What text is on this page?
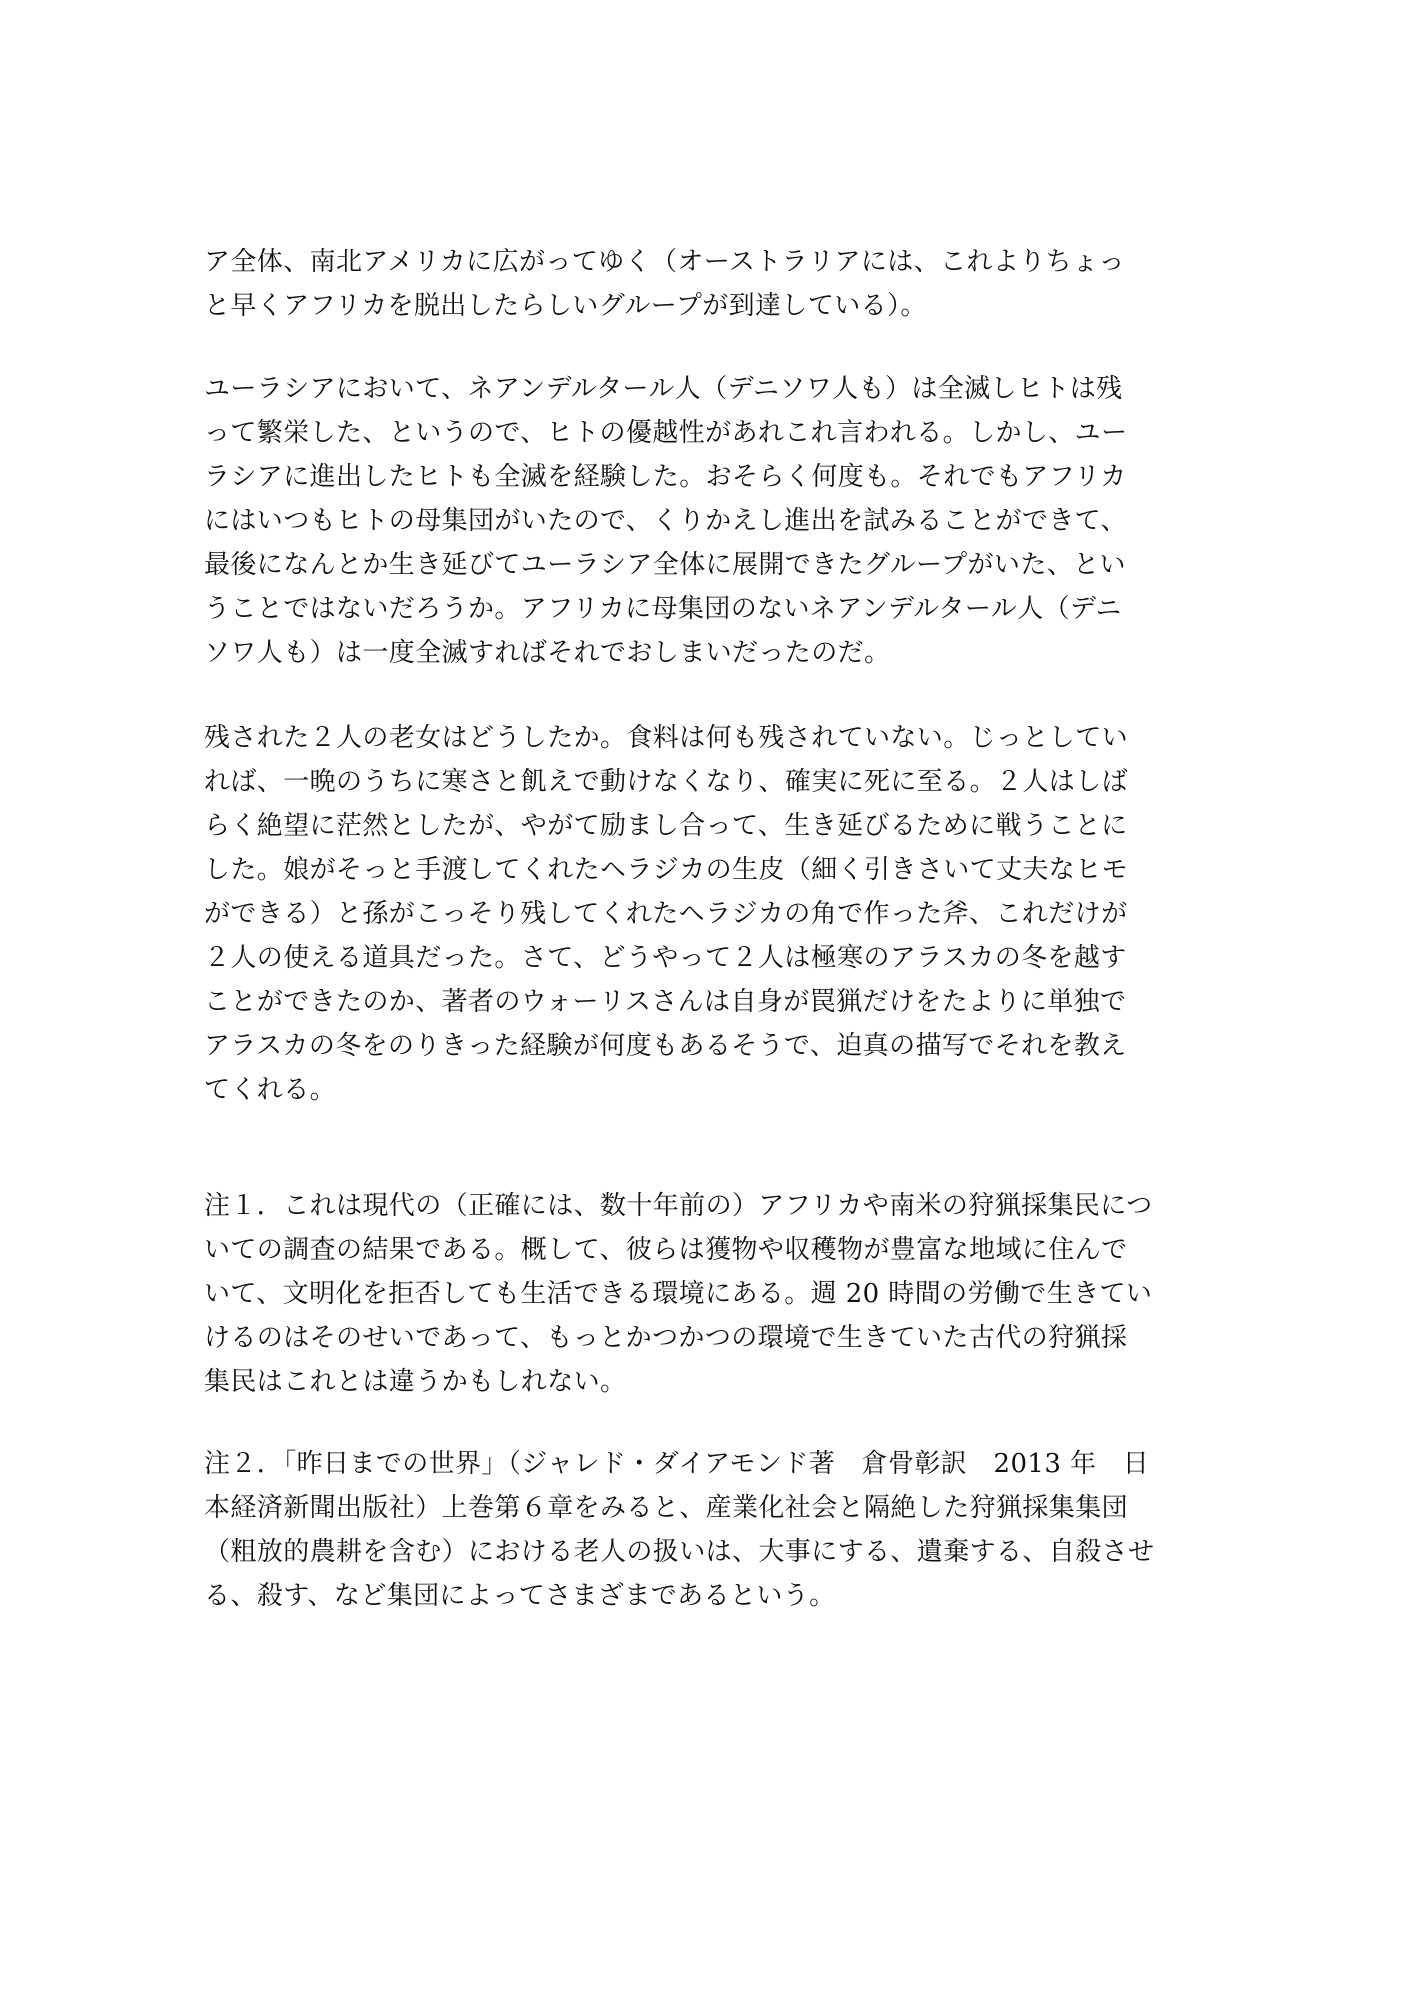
ア全体、南北アメリカに広がってゆく（オーストラリアには、これよりちょっ
と早くアフリカを脱出したらしいグループが到達している）。
ユーラシアにおいて、ネアンデルタール人（デニソワ人も）は全滅しヒトは残
って繁栄した、というので、ヒトの優越性があれこれ言われる。しかし、ユー
ラシアに進出したヒトも全滅を経験した。おそらく何度も。それでもアフリカ
にはいつもヒトの母集団がいたので、くりかえし進出を試みることができて、
最後になんとか生き延びてユーラシア全体に展開できたグループがいた、とい
うことではないだろうか。アフリカに母集団のないネアンデルタール人（デニ
ソワ人も）は一度全滅すればそれでおしまいだったのだ。
残された２人の老女はどうしたか。食料は何も残されていない。じっとしてい
れば、一晩のうちに寒さと飢えで動けなくなり、確実に死に至る。２人はしば
らく絶望に茫然としたが、やがて励まし合って、生き延びるために戦うことに
した。娘がそっと手渡してくれたヘラジカの生皮（細く引きさいて丈夫なヒモ
ができる）と孫がこっそり残してくれたヘラジカの角で作った斧、これだけが
２人の使える道具だった。さて、どうやって２人は極寒のアラスカの冬を越す
ことができたのか、著者のウォーリスさんは自身が罠猟だけをたよりに単独で
アラスカの冬をのりきった経験が何度もあるそうで、迫真の描写でそれを教え
てくれる。
注１．これは現代の（正確には、数十年前の）アフリカや南米の狩猟採集民につ
いての調査の結果である。概して、彼らは獲物や収穫物が豊富な地域に住んで
いて、文明化を拒否しても生活できる環境にある。週 20 時間の労働で生きてい
けるのはそのせいであって、もっとかつかつの環境で生きていた古代の狩猟採
集民はこれとは違うかもしれない。
注２．「昨日までの世界」（ジャレド・ダイアモンド著　倉骨彰訳　2013 年　日
本経済新聞出版社）上巻第６章をみると、産業化社会と隔絶した狩猟採集集団
（粗放的農耕を含む）における老人の扱いは、大事にする、遺棄する、自殺させ
る、殺す、など集団によってさまざまであるという。
